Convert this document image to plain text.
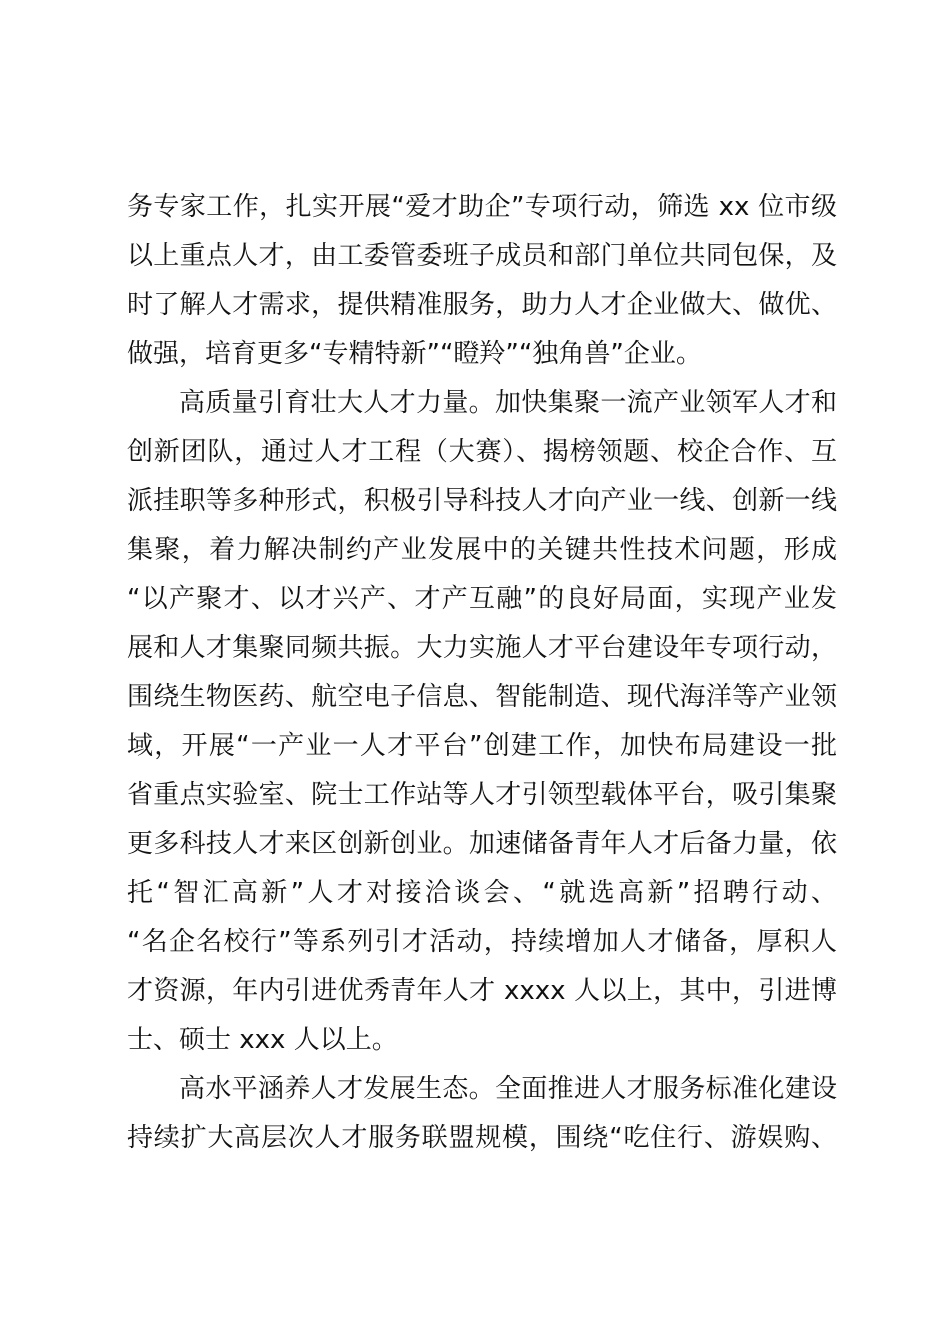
务专家工作，扎实开展“爱才助企”专项行动，筛选 xx 位市级
以上重点人才，由工委管委班子成员和部门单位共同包保，及
时了解人才需求，提供精准服务，助力人才企业做大、做优、
做强，培育更多“专精特新”“瞪羚”“独角兽”企业。
高质量引育壮大人才力量。加快集聚一流产业领军人才和
创新团队，通过人才工程（大赛）、揭榜领题、校企合作、互
派挂职等多种形式，积极引导科技人才向产业一线、创新一线
集聚，着力解决制约产业发展中的关键共性技术问题，形成
“以产聚才、以才兴产、才产互融”的良好局面，实现产业发
展和人才集聚同频共振。大力实施人才平台建设年专项行动，
围绕生物医药、航空电子信息、智能制造、现代海洋等产业领
域，开展“一产业一人才平台”创建工作，加快布局建设一批
省重点实验室、院士工作站等人才引领型载体平台，吸引集聚
更多科技人才来区创新创业。加速储备青年人才后备力量，依
托“智汇高新”人才对接洽谈会、“就选高新”招聘行动、
“名企名校行”等系列引才活动，持续增加人才储备，厚积人
才资源，年内引进优秀青年人才 xxxx 人以上，其中，引进博
士、硕士 xxx 人以上。
高水平涵养人才发展生态。全面推进人才服务标准化建设
持续扩大高层次人才服务联盟规模，围绕“吃住行、游娱购、
